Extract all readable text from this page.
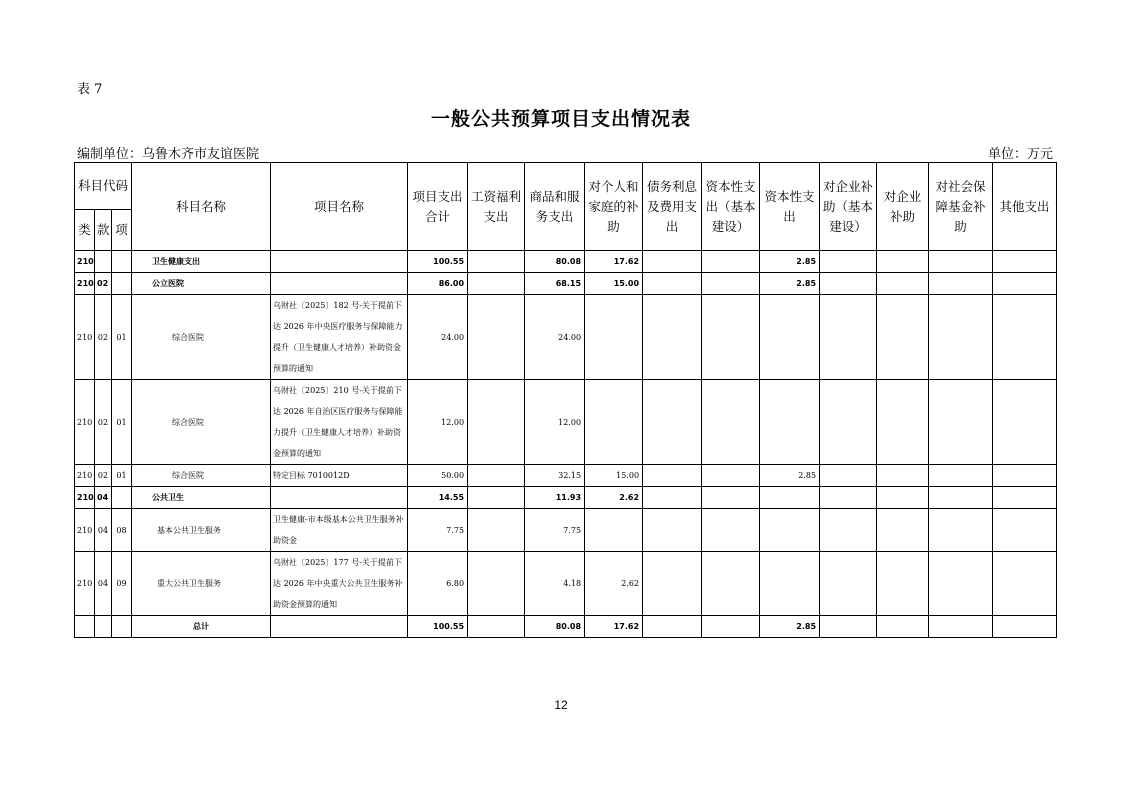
表 7
一般公共预算项目支出情况表
编制单位：乌鲁木齐市友谊医院	单位：万元
科目代码			科目名称	项目名称	项目支出合计	工资福利支出	商品和服务支出	对个人和家庭的补助	债务利息及费用支出	资本性支出（基本建设）	资本性支出	对企业补助（基本建设）	对企业补助	对社会保障基金补助	其他支出
类	款	项													
210			卫生健康支出		100.55		80.08	17.62			2.85				
210	02		公立医院		86.00		68.15	15.00			2.85				
210	02	01	综合医院	乌财社〔2025〕182 号-关于提前下达 2026 年中央医疗服务与保障能力提升（卫生健康人才培养）补助资金预算的通知	24.00		24.00								
210	02	01	综合医院	乌财社〔2025〕210 号-关于提前下达 2026 年自治区医疗服务与保障能力提升（卫生健康人才培养）补助资金预算的通知	12.00		12.00								
210	02	01	综合医院	特定目标 7010012D	50.00		32.15	15.00			2.85				
210	04		公共卫生		14.55		11.93	2.62							
210	04	08	基本公共卫生服务	卫生健康-市本级基本公共卫生服务补助资金	7.75		7.75								
210	04	09	重大公共卫生服务	乌财社〔2025〕177 号-关于提前下达 2026 年中央重大公共卫生服务补助资金预算的通知	6.80		4.18	2.62							
			总计		100.55		80.08	17.62			2.85				
12
